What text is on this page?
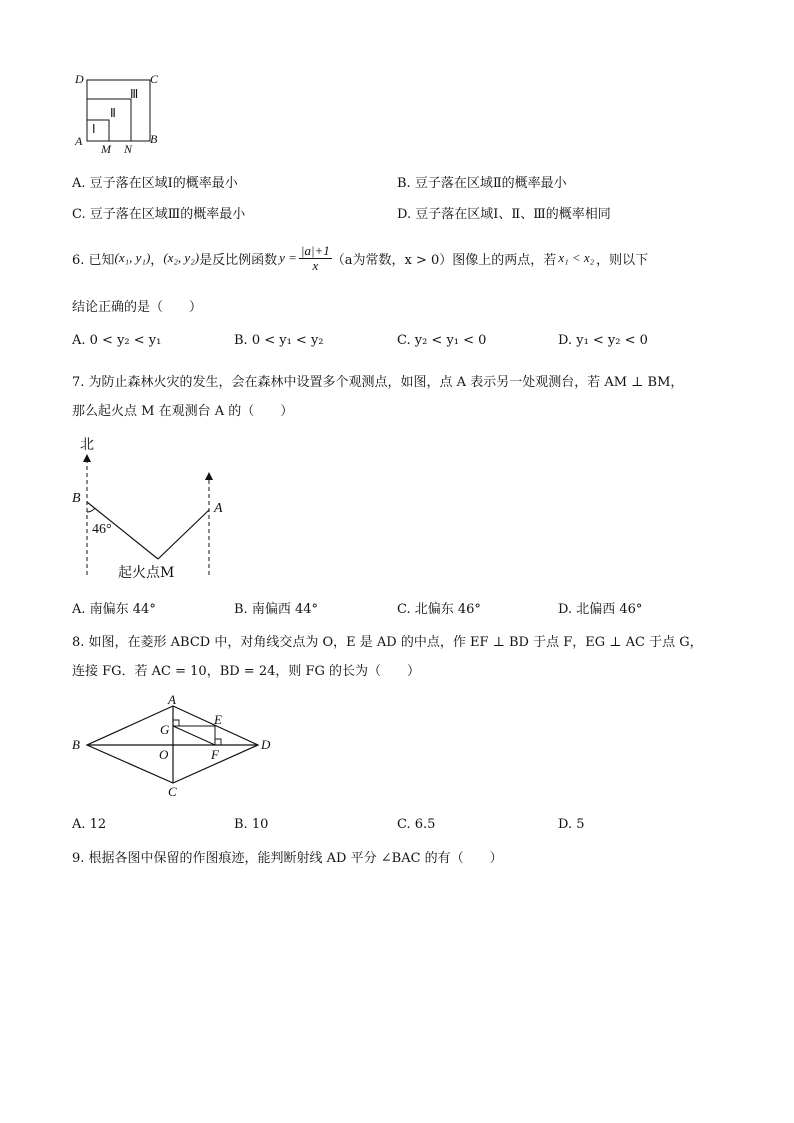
D	C
A	B
M N
Ⅰ
Ⅱ
Ⅲ
A. 豆子落在区域Ⅰ的概率最小	B. 豆子落在区域Ⅱ的概率最小
C. 豆子落在区域Ⅲ的概率最小	D. 豆子落在区域Ⅰ、Ⅱ、Ⅲ的概率相同
6. 已知 (x₁, y₁) ， (x₂, y₂) 是反比例函数 $y = \frac{|a|+1}{x} (a$为常数，x > 0）图像上的两点，若 x₁ < x₂ ，则以下
结论正确的是（　　）
A. 0 < y₂ < y₁	B. 0 < y₁ < y₂	C. y₂ < y₁ < 0	D. y₁ < y₂ < 0
7. 为防止森林火灾的发生，会在森林中设置多个观测点，如图，点 A 表示另一处观测台，若 AM ⊥ BM，
那么起火点 M 在观测台 A 的（　　）
北
B
A
46°
起火点M
A. 南偏东 44°	B. 南偏西 44°	C. 北偏东 46°	D. 北偏西 46°
8. 如图，在菱形 ABCD 中，对角线交点为 O，E 是 AD 的中点，作 EF ⊥ BD 于点 F，EG ⊥ AC 于点 G，
连接 FG．若 AC = 10，BD = 24，则 FG 的长为（　　）
A
B
C
D
E
F
G
O
A. 12	B. 10	C. 6.5	D. 5
9. 根据各图中保留的作图痕迹，能判断射线 AD 平分 ∠BAC 的有（　　）
